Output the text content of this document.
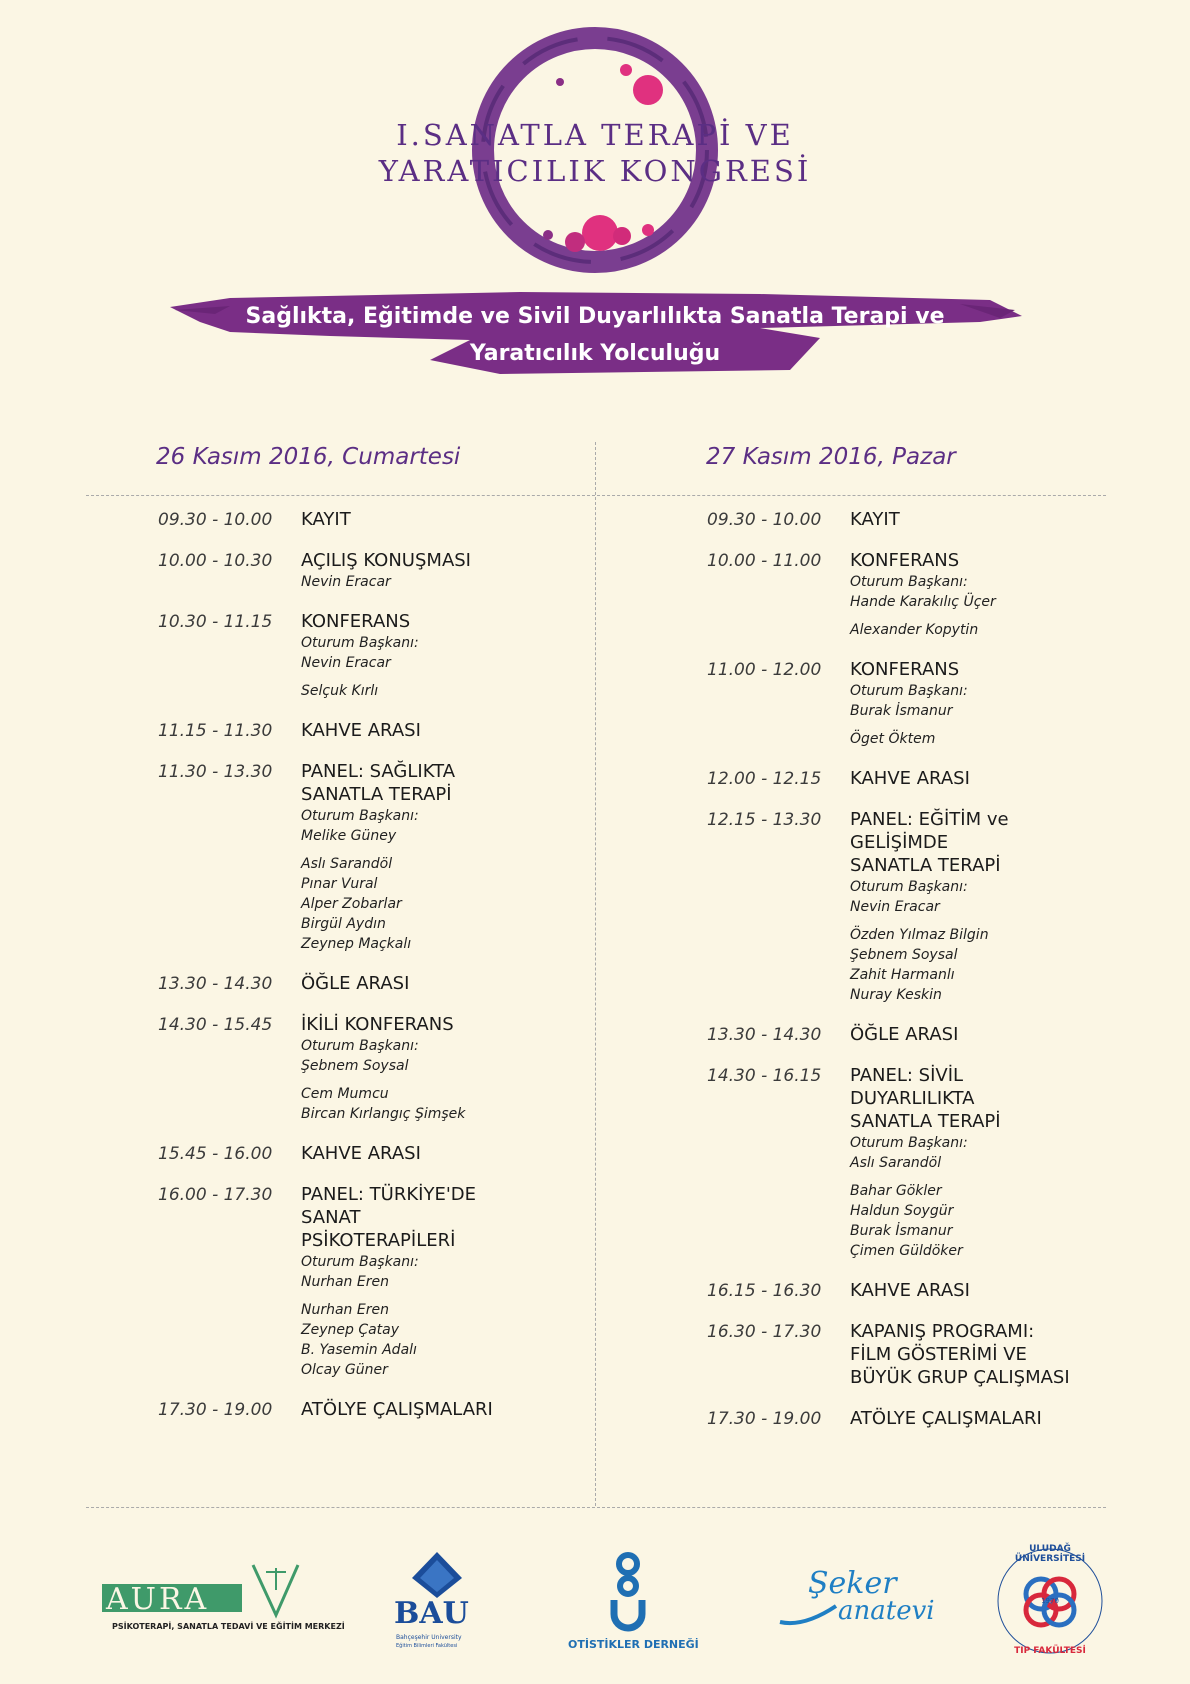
I.SANATLA TERAPİ VE
YARATICILIK KONGRESİ
Sağlıkta, Eğitimde ve Sivil Duyarlılıkta Sanatla Terapi ve
Yaratıcılık Yolculuğu
26 Kasım 2016, Cumartesi	27 Kasım 2016, Pazar
09.30 - 10.00	KAYIT
10.00 - 10.30	AÇILIŞ KONUŞMASI
Nevin Eracar
10.30 - 11.15	KONFERANS
Oturum Başkanı:
Nevin Eracar
Selçuk Kırlı
11.15 - 11.30	KAHVE ARASI
11.30 - 13.30	PANEL: SAĞLIKTA
SANATLA TERAPİ
Oturum Başkanı:
Melike Güney
Aslı Sarandöl
Pınar Vural
Alper Zobarlar
Birgül Aydın
Zeynep Maçkalı
13.30 - 14.30	ÖĞLE ARASI
14.30 - 15.45	İKİLİ KONFERANS
Oturum Başkanı:
Şebnem Soysal
Cem Mumcu
Bircan Kırlangıç Şimşek
15.45 - 16.00	KAHVE ARASI
16.00 - 17.30	PANEL: TÜRKİYE'DE
SANAT
PSİKOTERAPİLERİ
Oturum Başkanı:
Nurhan Eren
Nurhan Eren
Zeynep Çatay
B. Yasemin Adalı
Olcay Güner
17.30 - 19.00	ATÖLYE ÇALIŞMALARI
09.30 - 10.00	KAYIT
10.00 - 11.00	KONFERANS
Oturum Başkanı:
Hande Karakılıç Üçer
Alexander Kopytin
11.00 - 12.00	KONFERANS
Oturum Başkanı:
Burak İsmanur
Öget Öktem
12.00 - 12.15	KAHVE ARASI
12.15 - 13.30	PANEL: EĞİTİM ve
GELİŞİMDE
SANATLA TERAPİ
Oturum Başkanı:
Nevin Eracar
Özden Yılmaz Bilgin
Şebnem Soysal
Zahit Harmanlı
Nuray Keskin
13.30 - 14.30	ÖĞLE ARASI
14.30 - 16.15	PANEL: SİVİL
DUYARLILIKTA
SANATLA TERAPİ
Oturum Başkanı:
Aslı Sarandöl
Bahar Gökler
Haldun Soygür
Burak İsmanur
Çimen Güldöker
16.15 - 16.30	KAHVE ARASI
16.30 - 17.30	KAPANIŞ PROGRAMI:
FİLM GÖSTERİMİ VE
BÜYÜK GRUP ÇALIŞMASI
17.30 - 19.00	ATÖLYE ÇALIŞMALARI
AURA
PSİKOTERAPİ, SANATLA TEDAVİ VE EĞİTİM MERKEZİ BAU
Bahçeşehir University
Eğitim Bilimleri Fakültesi	OTİSTİKLER DERNEĞİ
Şeker
anatevi
ULUDAĞ ÜNİVERSİTESİ
1970
TIP FAKÜLTESİ
